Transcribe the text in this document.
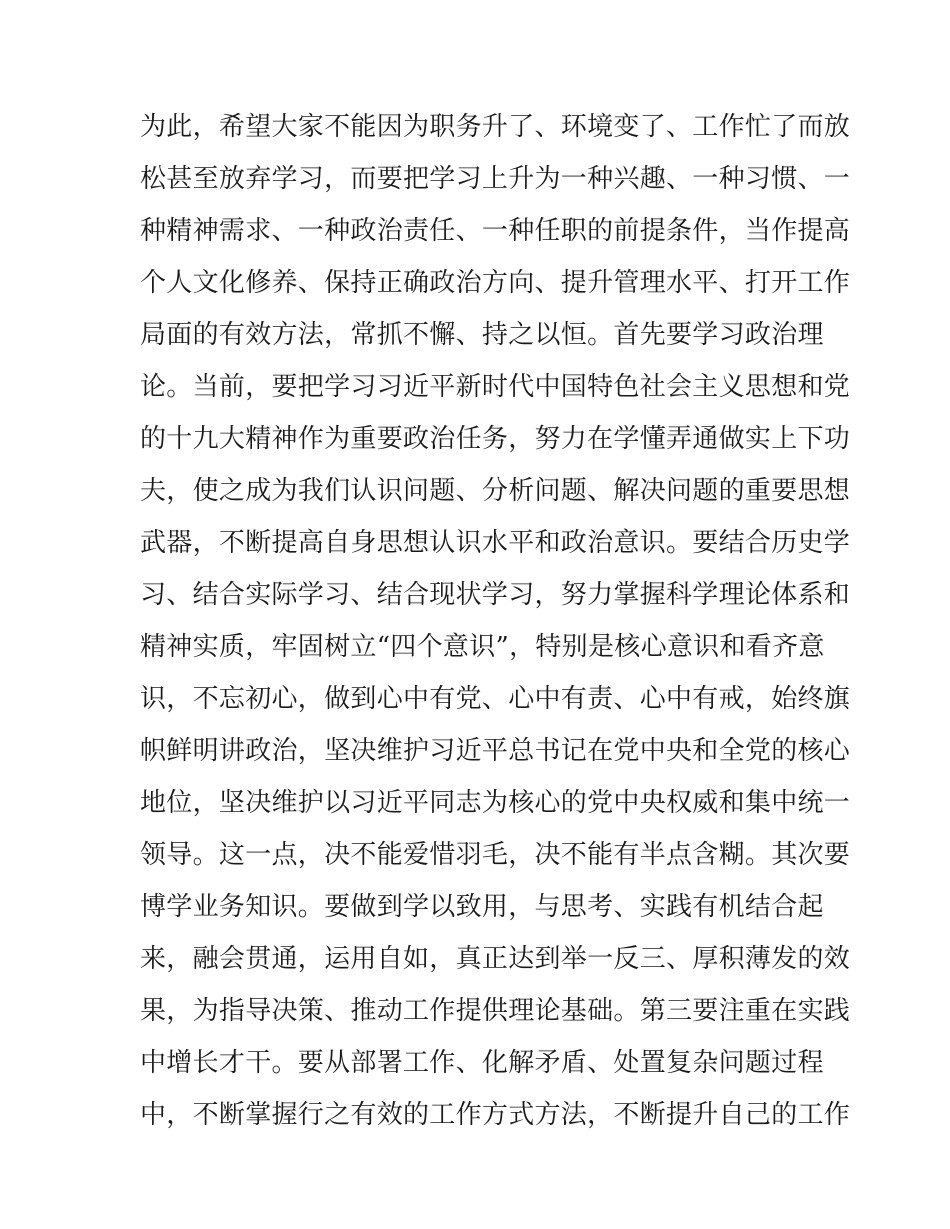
为此，希望大家不能因为职务升了、环境变了、工作忙了而放
松甚至放弃学习，而要把学习上升为一种兴趣、一种习惯、一
种精神需求、一种政治责任、一种任职的前提条件，当作提高
个人文化修养、保持正确政治方向、提升管理水平、打开工作
局面的有效方法，常抓不懈、持之以恒。首先要学习政治理
论。当前，要把学习习近平新时代中国特色社会主义思想和党
的十九大精神作为重要政治任务，努力在学懂弄通做实上下功
夫，使之成为我们认识问题、分析问题、解决问题的重要思想
武器，不断提高自身思想认识水平和政治意识。要结合历史学
习、结合实际学习、结合现状学习，努力掌握科学理论体系和
精神实质，牢固树立“四个意识”，特别是核心意识和看齐意
识，不忘初心，做到心中有党、心中有责、心中有戒，始终旗
帜鲜明讲政治，坚决维护习近平总书记在党中央和全党的核心
地位，坚决维护以习近平同志为核心的党中央权威和集中统一
领导。这一点，决不能爱惜羽毛，决不能有半点含糊。其次要
博学业务知识。要做到学以致用，与思考、实践有机结合起
来，融会贯通，运用自如，真正达到举一反三、厚积薄发的效
果，为指导决策、推动工作提供理论基础。第三要注重在实践
中增长才干。要从部署工作、化解矛盾、处置复杂问题过程
中，不断掌握行之有效的工作方式方法，不断提升自己的工作
